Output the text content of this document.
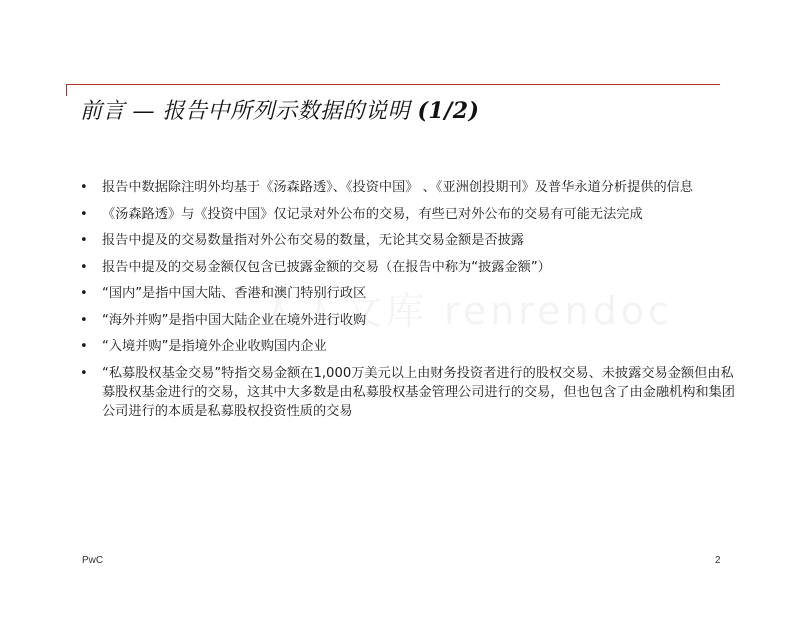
前言 — 报告中所列示数据的说明 (1/2)
• 报告中数据除注明外均基于《汤森路透》、《投资中国》 、《亚洲创投期刊》及普华永道分析提供的信息
• 《汤森路透》与《投资中国》仅记录对外公布的交易，有些已对外公布的交易有可能无法完成
• 报告中提及的交易数量指对外公布交易的数量，无论其交易金额是否披露
• 报告中提及的交易金额仅包含已披露金额的交易（在报告中称为“披露金额”）
• “国内”是指中国大陆、香港和澳门特别行政区
• “海外并购”是指中国大陆企业在境外进行收购
• “入境并购”是指境外企业收购国内企业
• “私募股权基金交易”特指交易金额在1,000万美元以上由财务投资者进行的股权交易、未披露交易金额但由私募股权基金进行的交易，这其中大多数是由私募股权基金管理公司进行的交易，但也包含了由金融机构和集团公司进行的本质是私募股权投资性质的交易
PwC	2
